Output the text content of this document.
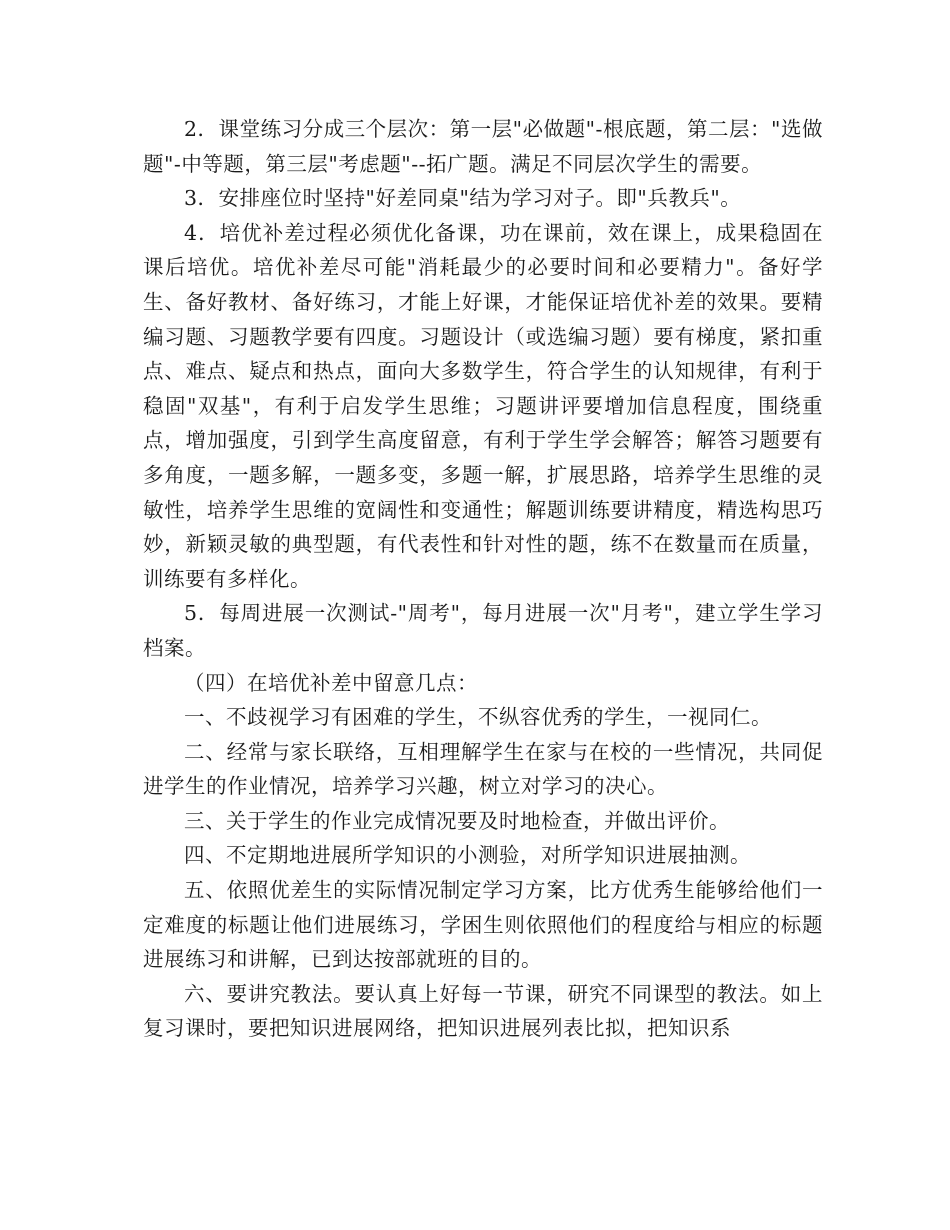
2．课堂练习分成三个层次：第一层"必做题"-根底题，第二层："选做题"-中等题，第三层"考虑题"--拓广题。满足不同层次学生的需要。

3．安排座位时坚持"好差同桌"结为学习对子。即"兵教兵"。

4．培优补差过程必须优化备课，功在课前，效在课上，成果稳固在课后培优。培优补差尽可能"消耗最少的必要时间和必要精力"。备好学生、备好教材、备好练习，才能上好课，才能保证培优补差的效果。要精编习题、习题教学要有四度。习题设计（或选编习题）要有梯度，紧扣重点、难点、疑点和热点，面向大多数学生，符合学生的认知规律，有利于稳固"双基"，有利于启发学生思维；习题讲评要增加信息程度，围绕重点，增加强度，引到学生高度留意，有利于学生学会解答；解答习题要有多角度，一题多解，一题多变，多题一解，扩展思路，培养学生思维的灵敏性，培养学生思维的宽阔性和变通性；解题训练要讲精度，精选构思巧妙，新颖灵敏的典型题，有代表性和针对性的题，练不在数量而在质量，训练要有多样化。

5．每周进展一次测试-"周考"，每月进展一次"月考"，建立学生学习档案。

（四）在培优补差中留意几点：

一、不歧视学习有困难的学生，不纵容优秀的学生，一视同仁。

二、经常与家长联络，互相理解学生在家与在校的一些情况，共同促进学生的作业情况，培养学习兴趣，树立对学习的决心。

三、关于学生的作业完成情况要及时地检查，并做出评价。

四、不定期地进展所学知识的小测验，对所学知识进展抽测。

五、依照优差生的实际情况制定学习方案，比方优秀生能够给他们一定难度的标题让他们进展练习，学困生则依照他们的程度给与相应的标题进展练习和讲解，已到达按部就班的目的。

六、要讲究教法。要认真上好每一节课，研究不同课型的教法。如上复习课时，要把知识进展网络，把知识进展列表比拟，把知识系
